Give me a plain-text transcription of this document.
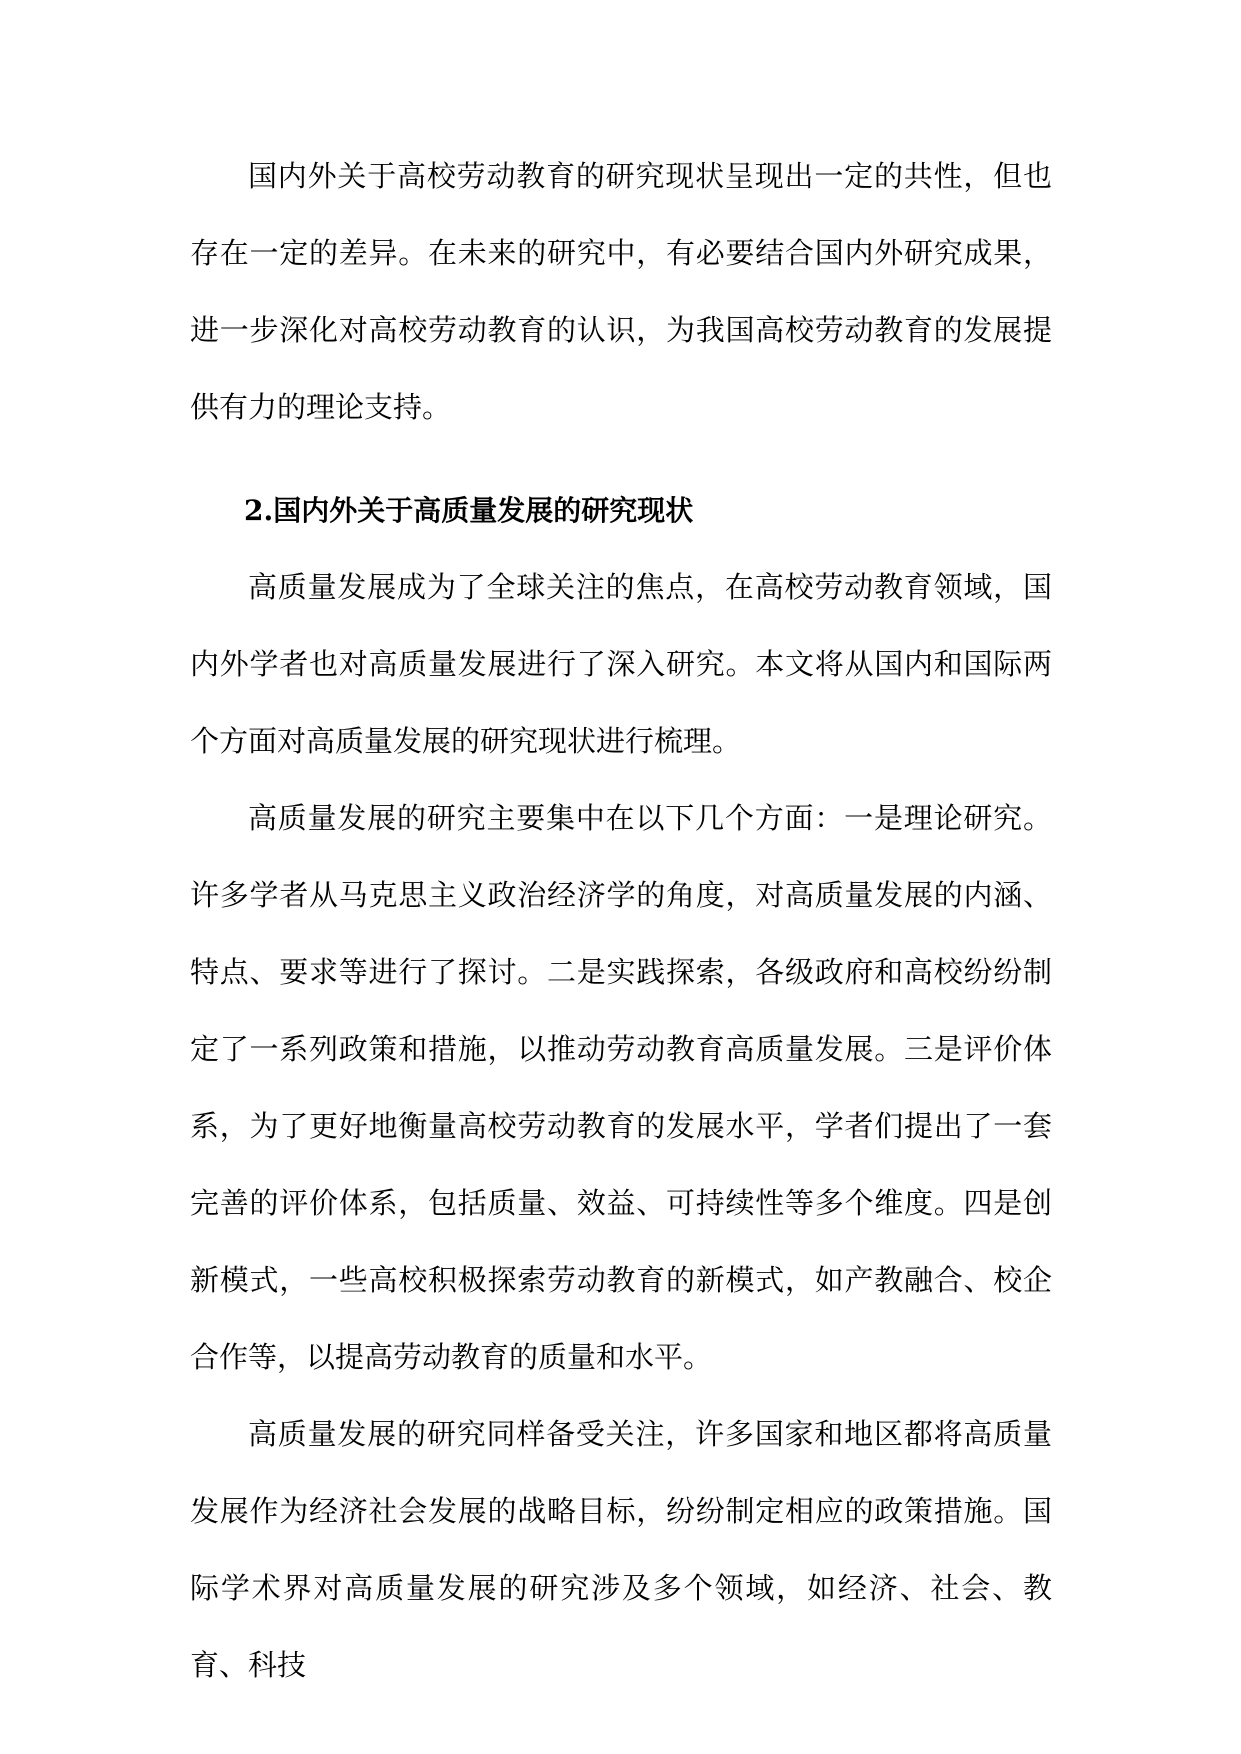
国内外关于高校劳动教育的研究现状呈现出一定的共性，但也存在一定的差异。在未来的研究中，有必要结合国内外研究成果，进一步深化对高校劳动教育的认识，为我国高校劳动教育的发展提供有力的理论支持。

2.国内外关于高质量发展的研究现状

高质量发展成为了全球关注的焦点，在高校劳动教育领域，国内外学者也对高质量发展进行了深入研究。本文将从国内和国际两个方面对高质量发展的研究现状进行梳理。

高质量发展的研究主要集中在以下几个方面：一是理论研究。许多学者从马克思主义政治经济学的角度，对高质量发展的内涵、特点、要求等进行了探讨。二是实践探索，各级政府和高校纷纷制定了一系列政策和措施，以推动劳动教育高质量发展。三是评价体系，为了更好地衡量高校劳动教育的发展水平，学者们提出了一套完善的评价体系，包括质量、效益、可持续性等多个维度。四是创新模式，一些高校积极探索劳动教育的新模式，如产教融合、校企合作等，以提高劳动教育的质量和水平。

高质量发展的研究同样备受关注，许多国家和地区都将高质量发展作为经济社会发展的战略目标，纷纷制定相应的政策措施。国际学术界对高质量发展的研究涉及多个领域，如经济、社会、教育、科技
